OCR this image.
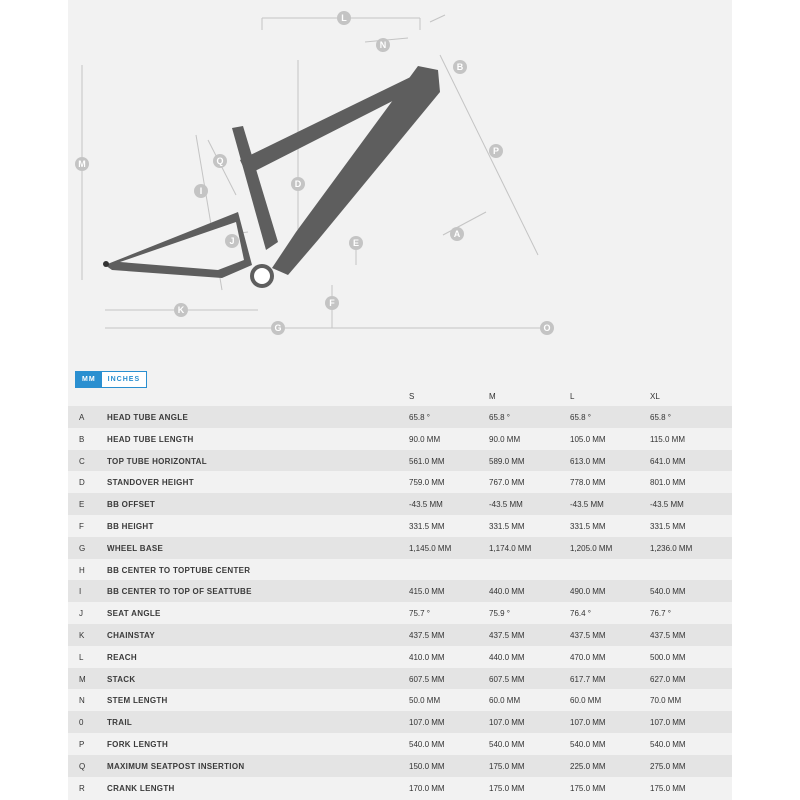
A
B
D
E
F
G
I
J
K
L
M
N
O
P
Q
MM	INCHES
S	M	L	XL
A	HEAD TUBE ANGLE	65.8 °	65.8 °	65.8 °	65.8 °
B	HEAD TUBE LENGTH	90.0 MM	90.0 MM	105.0 MM	115.0 MM
C	TOP TUBE HORIZONTAL	561.0 MM	589.0 MM	613.0 MM	641.0 MM
D	STANDOVER HEIGHT	759.0 MM	767.0 MM	778.0 MM	801.0 MM
E	BB OFFSET	-43.5 MM	-43.5 MM	-43.5 MM	-43.5 MM
F	BB HEIGHT	331.5 MM	331.5 MM	331.5 MM	331.5 MM
G	WHEEL BASE	1,145.0 MM	1,174.0 MM	1,205.0 MM	1,236.0 MM
H	BB CENTER TO TOPTUBE CENTER
I	BB CENTER TO TOP OF SEATTUBE	415.0 MM	440.0 MM	490.0 MM	540.0 MM
J	SEAT ANGLE	75.7 °	75.9 °	76.4 °	76.7 °
K	CHAINSTAY	437.5 MM	437.5 MM	437.5 MM	437.5 MM
L	REACH	410.0 MM	440.0 MM	470.0 MM	500.0 MM
M	STACK	607.5 MM	607.5 MM	617.7 MM	627.0 MM
N	STEM LENGTH	50.0 MM	60.0 MM	60.0 MM	70.0 MM
0	TRAIL	107.0 MM	107.0 MM	107.0 MM	107.0 MM
P	FORK LENGTH	540.0 MM	540.0 MM	540.0 MM	540.0 MM
Q	MAXIMUM SEATPOST INSERTION	150.0 MM	175.0 MM	225.0 MM	275.0 MM
R	CRANK LENGTH	170.0 MM	175.0 MM	175.0 MM	175.0 MM
